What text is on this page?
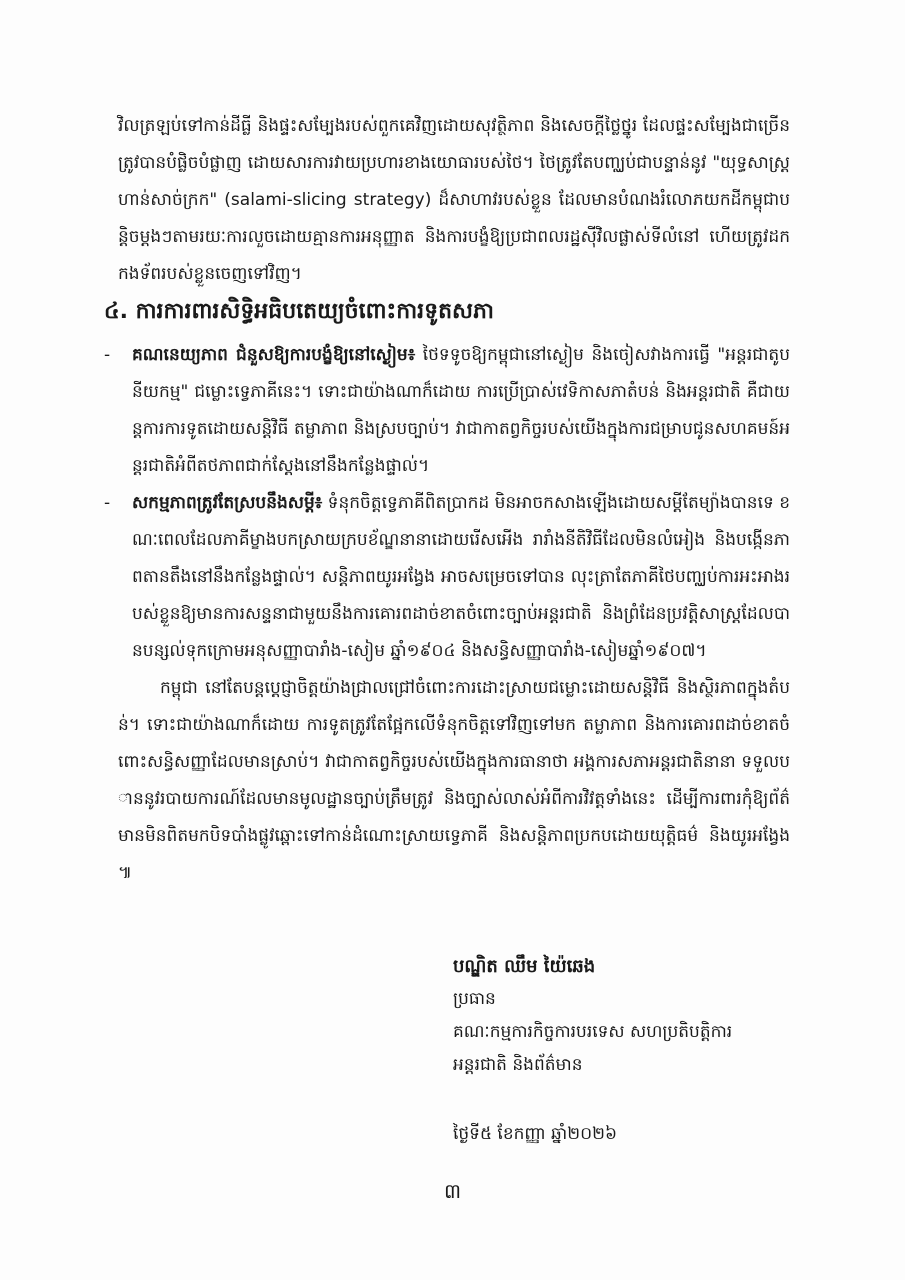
វិលត្រឡប់ទៅកាន់ដីធ្លី និងផ្ទះសម្បែងរបស់ពួកគេវិញដោយសុវត្ថិភាព និងសេចក្តីថ្លៃថ្នូរ ដែលផ្ទះសម្បែងជាច្រើនត្រូវបានបំផ្លិចបំផ្លាញ ដោយសារការវាយប្រហារខាងយោធារបស់ថៃ។ ថៃត្រូវតែបញ្ឈប់ជាបន្ទាន់នូវ "យុទ្ធសាស្ត្រហាន់សាច់ក្រក" (salami-slicing strategy) ដ៏សាហាវរបស់ខ្លួន ដែលមានបំណងរំលោភយកដីកម្ពុជាបន្តិចម្តងៗតាមរយៈការលួចដោយគ្មានការអនុញ្ញាត និងការបង្ខំឱ្យប្រជាពលរដ្ឋស៊ីវិលផ្លាស់ទីលំនៅ ហើយត្រូវដកកងទ័ពរបស់ខ្លួនចេញទៅវិញ។

៤. ការការពារសិទ្ធិអធិបតេយ្យចំពោះការទូតសភា
- គណនេយ្យភាព ជំនួសឱ្យការបង្ខំឱ្យនៅស្ងៀម៖ ថៃទទូចឱ្យកម្ពុជានៅស្ងៀម និងចៀសវាងការធ្វើ "អន្តរជាតូបនីយកម្ម" ជម្លោះទ្វេភាគីនេះ។ ទោះជាយ៉ាងណាក៏ដោយ ការប្រើប្រាស់វេទិកាសភាតំបន់ និងអន្តរជាតិ គឺជាយន្តការការទូតដោយសន្តិវិធី តម្លាភាព និងស្របច្បាប់។ វាជាកាតព្វកិច្ចរបស់យើងក្នុងការជម្រាបជូនសហគមន៍អន្តរជាតិអំពីតថភាពជាក់ស្តែងនៅនឹងកន្លែងផ្ទាល់។
- សកម្មភាពត្រូវតែស្របនឹងសម្តី៖ ទំនុកចិត្តទ្វេភាគីពិតប្រាកដ មិនអាចកសាងឡើងដោយសម្តីតែម្យ៉ាងបានទេ ខណៈពេលដែលភាគីម្ខាងបកស្រាយក្របខ័ណ្ឌនានាដោយរើសអើង រារាំងនីតិវិធីដែលមិនលំអៀង និងបង្កើនភាពតានតឹងនៅនឹងកន្លែងផ្ទាល់។ សន្តិភាពយូរអង្វែង អាចសម្រេចទៅបាន លុះត្រាតែភាគីថៃបញ្ឈប់ការអះអាងរបស់ខ្លួនឱ្យមានការសន្ទនាជាមួយនឹងការគោរពដាច់ខាតចំពោះច្បាប់អន្តរជាតិ និងព្រំដែនប្រវត្តិសាស្ត្រដែលបានបន្សល់ទុកក្រោមអនុសញ្ញាបារាំង-សៀម ឆ្នាំ១៩០៤ និងសន្ធិសញ្ញាបារាំង-សៀមឆ្នាំ១៩០៧។

កម្ពុជា នៅតែបន្តប្តេជ្ញាចិត្តយ៉ាងជ្រាលជ្រៅចំពោះការដោះស្រាយជម្លោះដោយសន្តិវិធី និងស្ថិរភាពក្នុងតំបន់។ ទោះជាយ៉ាងណាក៏ដោយ ការទូតត្រូវតែផ្អែកលើទំនុកចិត្តទៅវិញទៅមក តម្លាភាព និងការគោរពដាច់ខាតចំពោះសន្ធិសញ្ញាដែលមានស្រាប់។ វាជាកាតព្វកិច្ចរបស់យើងក្នុងការធានាថា អង្គការសភាអន្តរជាតិនានា ទទួលបាននូវរបាយការណ៍ដែលមានមូលដ្ឋានច្បាប់ត្រឹមត្រូវ និងច្បាស់លាស់អំពីការវិវត្តទាំងនេះ ដើម្បីការពារកុំឱ្យព័ត៌មានមិនពិតមកបិទបាំងផ្លូវឆ្ពោះទៅកាន់ដំណោះស្រាយទ្វេភាគី និងសន្តិភាពប្រកបដោយយុត្តិធម៌ និងយូរអង្វែង៕

បណ្ឌិត ឈឹម យ៉ៃឆេង
ប្រធាន
គណៈកម្មការកិច្ចការបរទេស សហប្រតិបត្តិការ
អន្តរជាតិ និងព័ត៌មាន
ថ្ងៃទី៥ ខែកញ្ញា ឆ្នាំ២០២៦
៣
